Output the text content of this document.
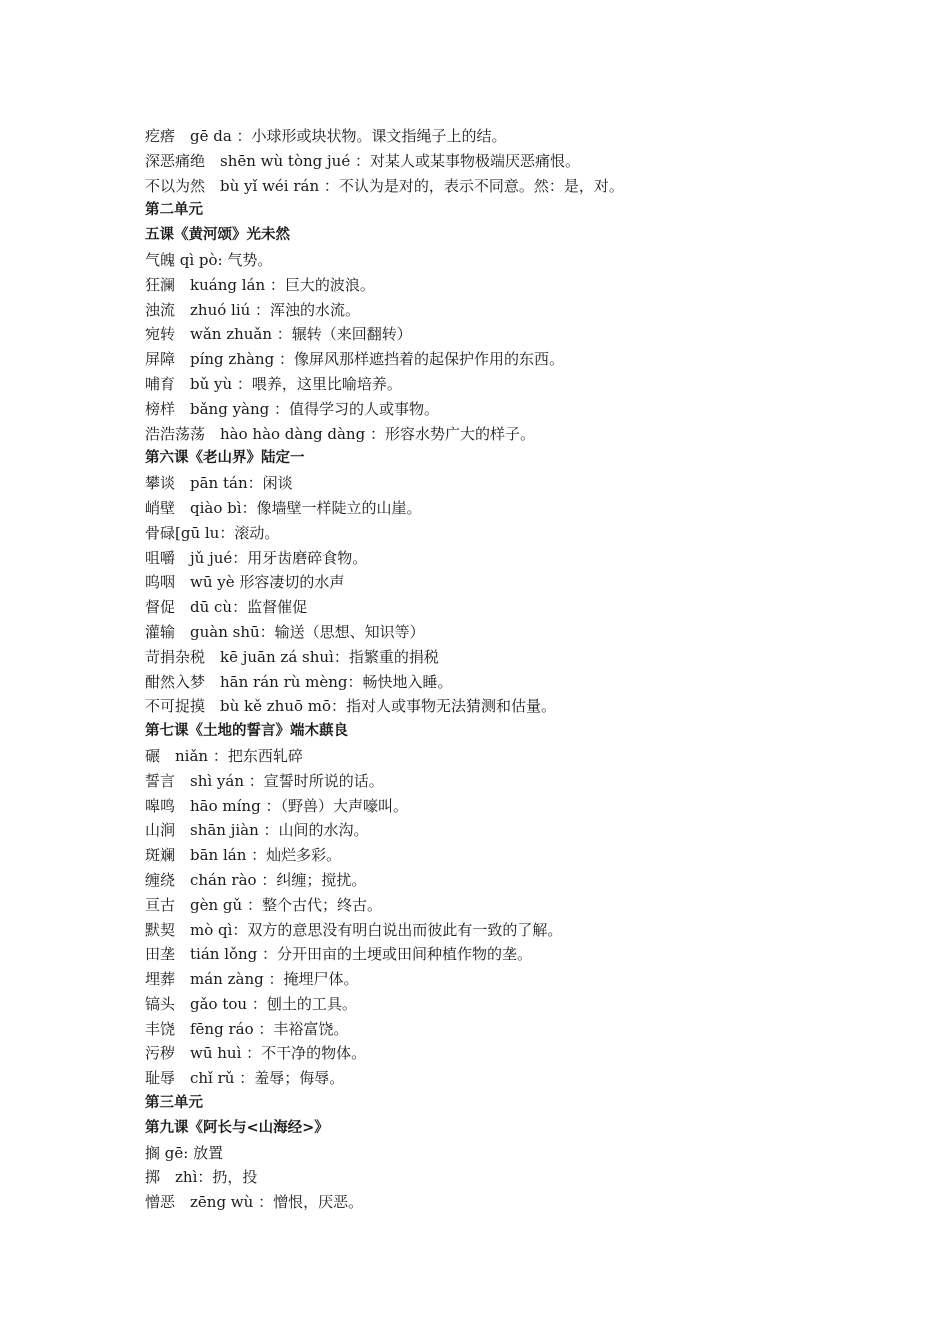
疙瘩　gē da ：小球形或块状物。课文指绳子上的结。
深恶痛绝　shēn wù tòng jué ：对某人或某事物极端厌恶痛恨。
不以为然　bù yǐ wéi rán ：不认为是对的，表示不同意。然：是，对。
第二单元
五课《黄河颂》光未然
气魄 qì pò: 气势。
狂澜　kuáng lán ：巨大的波浪。
浊流　zhuó liú ：浑浊的水流。
宛转　wǎn zhuǎn ：辗转（来回翻转）
屏障　píng zhàng ：像屏风那样遮挡着的起保护作用的东西。
哺育　bǔ yù ：喂养，这里比喻培养。
榜样　bǎng yàng ：值得学习的人或事物。
浩浩荡荡　hào hào dàng dàng ：形容水势广大的样子。
第六课《老山界》陆定一
攀谈　pān tán：闲谈
峭壁　qiào bì：像墙壁一样陡立的山崖。
骨碌[gū lu：滚动。
咀嚼　jǔ jué：用牙齿磨碎食物。
呜咽　wū yè 形容凄切的水声
督促　dū cù：监督催促
灌输　guàn shū：输送（思想、知识等）
苛捐杂税　kē juān zá shuì：指繁重的捐税
酣然入梦　hān rán rù mèng：畅快地入睡。
不可捉摸　bù kě zhuō mō：指对人或事物无法猜测和估量。
第七课《土地的誓言》端木蕻良
碾　niǎn ：把东西轧碎
誓言　shì yán ：宣誓时所说的话。
嗥鸣　hāo míng ：（野兽）大声嚎叫。
山涧　shān jiàn ：山间的水沟。
斑斓　bān lán ：灿烂多彩。
缠绕　chán rào ：纠缠；搅扰。
亘古　gèn gǔ ：整个古代；终古。
默契　mò qì：双方的意思没有明白说出而彼此有一致的了解。
田垄　tián lǒng ：分开田亩的土埂或田间种植作物的垄。
埋葬　mán zàng ：掩埋尸体。
镐头　gǎo tou ：刨土的工具。
丰饶　fēng ráo ：丰裕富饶。
污秽　wū huì ：不干净的物体。
耻辱　chǐ rǔ ：羞辱；侮辱。
第三单元
第九课《阿长与<山海经>》
搁 gē: 放置
掷　zhì：扔，投
憎恶　zēng wù ：憎恨，厌恶。
